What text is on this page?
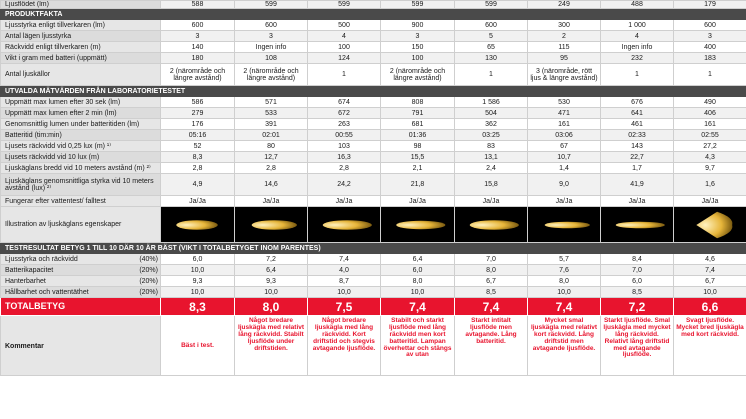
Ljusflödet (lm)	588	599	599	599	599	249	488	179
PRODUKTFAKTA								
Ljusstyrka enligt tillverkaren (lm)	600	600	500	900	600	300	1 000	600
Antal lägen ljusstyrka	3	3	4	3	5	2	4	3
Räckvidd enligt tillverkaren (m)	140	Ingen info	100	150	65	115	Ingen info	400
Vikt i gram med batteri (uppmätt)	180	108	124	100	130	95	232	183
Antal ljuskällor	2 (närområde och längre avstånd)	2 (närområde och längre avstånd)	1	2 (närområde och längre avstånd)	1	3 (närområde, rött ljus & längre avstånd)	1	1
UTVALDA MÄTVÄRDEN FRÅN LABORATORIETESTET								
Uppmätt max lumen efter 30 sek (lm)	586	571	674	808	1 586	530	676	490
Uppmätt max lumen efter 2 min (lm)	279	533	672	791	504	471	641	406
Genomsnittlig lumen under batteritiden (lm)	176	391	263	681	362	161	461	161
Batteritid (tim:min)	05:16	02:01	00:55	01:36	03:25	03:06	02:33	02:55
Ljusets räckvidd vid 0,25 lux (m) ¹⁾	52	80	103	98	83	67	143	27,2
Ljusets räckvidd vid 10 lux (m)	8,3	12,7	16,3	15,5	13,1	10,7	22,7	4,3
Ljuskäglans bredd vid 10 meters avstånd (m) ²⁾	2,8	2,8	2,8	2,1	2,4	1,4	1,7	9,7
Ljuskäglans genomsnittliga styrka vid 10 meters avstånd (lux) ²⁾	4,9	14,6	24,2	21,8	15,8	9,0	41,9	1,6
Fungerar efter vattentest/ falltest	Ja/Ja	Ja/Ja	Ja/Ja	Ja/Ja	Ja/Ja	Ja/Ja	Ja/Ja	Ja/Ja
Illustration av ljuskäglans egenskaper	

TESTRESULTAT BETYG 1 TILL 10 DÄR 10 ÄR BÄST (VIKT I TOTALBETYGET INOM PARENTES)								

Ljusstyrka och räckvidd (40%)	6,0	7,2	7,4	6,4	7,0	5,7	8,4	4,6

Batterikapacitet (20%)	10,0	6,4	4,0	6,0	8,0	7,6	7,0	7,4

Hanterbarhet (20%)	9,3	9,3	8,7	8,0	6,7	8,0	6,0	6,7

Hållbarhet och vattentäthet (20%)	10,0	10,0	10,0	10,0	8,5	10,0	8,5	10,0
TOTALBETYG	8,3	8,0	7,5	7,4	7,4	7,4	7,2	6,6
Kommentar	Bäst i test.	Något bredare ljuskägla med relativt lång räckvidd. Stabilt ljusflöde under driftstiden.	Något bredare ljuskägla med lång räckvidd. Kort driftstid och stegvis avtagande ljusflöde.	Stabilt och starkt ljusflöde med lång räckvidd men kort batteritid. Lampan överhettar och stängs av utan	Starkt intitalt ljusflöde men avtagande. Lång batteritid.	Mycket smal ljuskägla med relativt kort räckvidd. Lång driftstid men avtagande ljusflöde.	Starkt ljusflöde. Smal ljuskägla med mycket lång räckvidd. Relativt lång driftstid med avtagande ljusflöde.	Svagt ljusflöde. Mycket bred ljuskägla med kort räckvidd.
